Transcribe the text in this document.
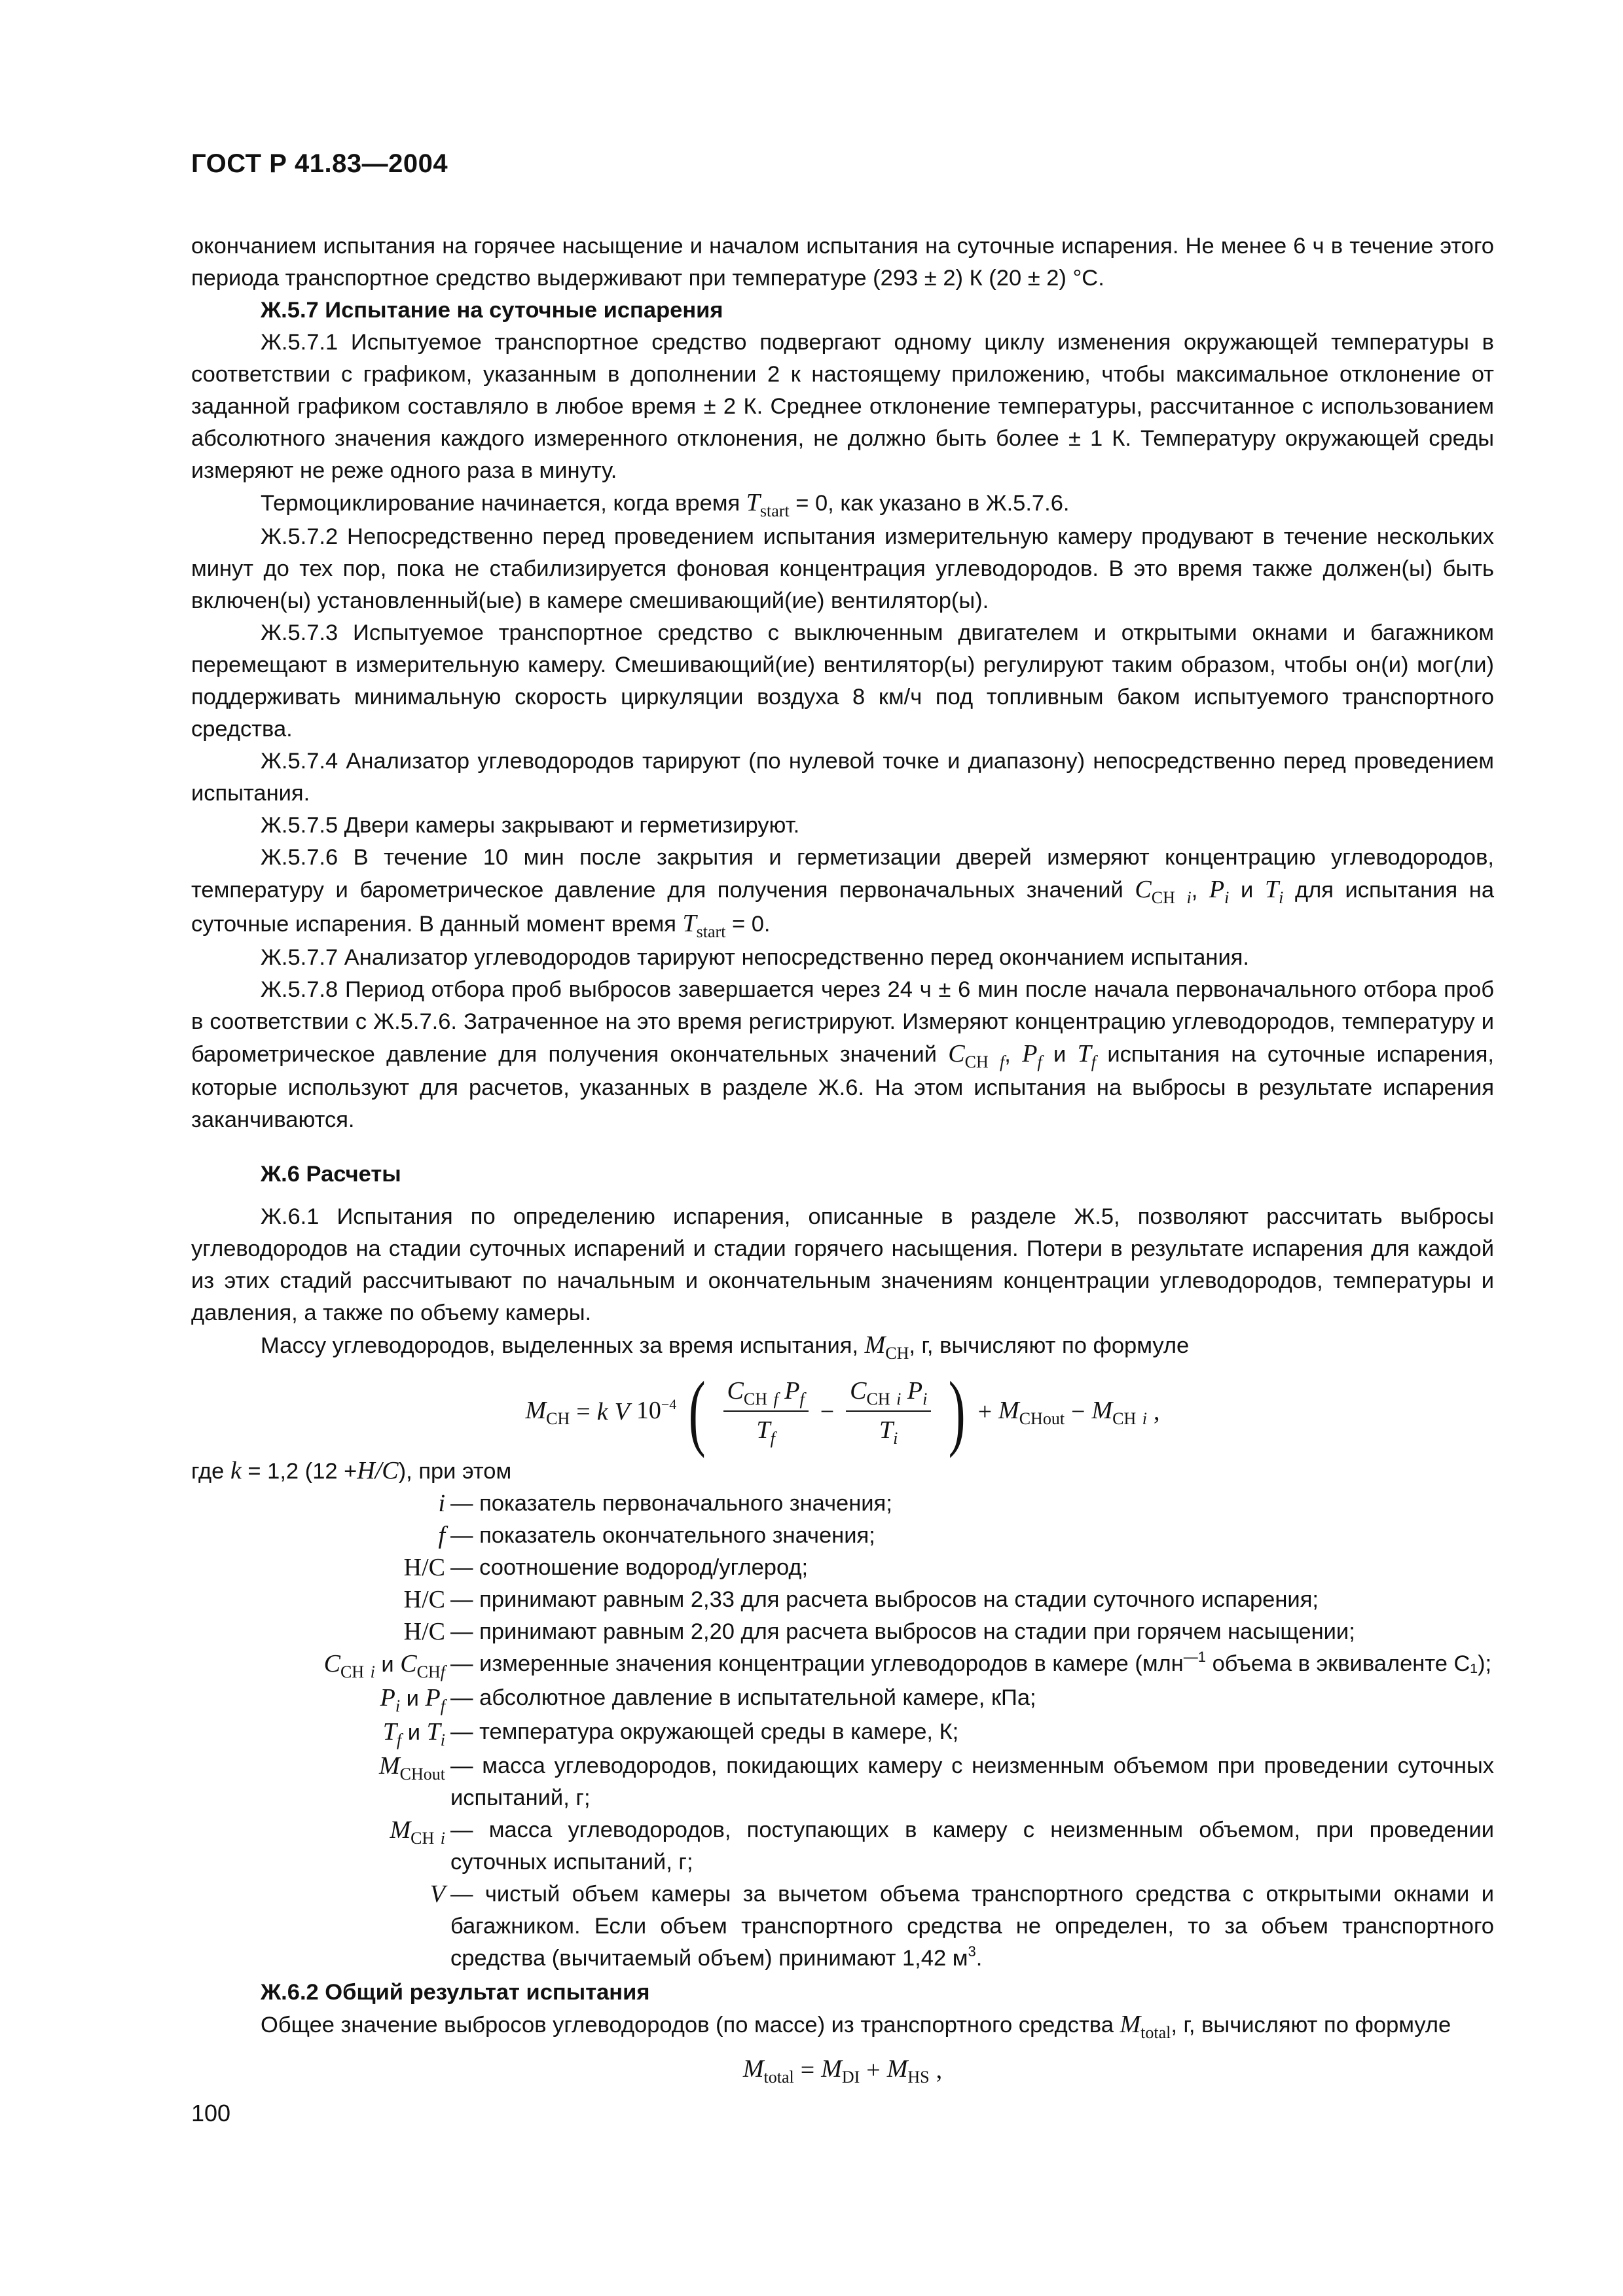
ГОСТ Р 41.83—2004

окончанием испытания на горячее насыщение и началом испытания на суточные испарения. Не менее 6 ч в течение этого периода транспортное средство выдерживают при температуре (293 ± 2) К (20 ± 2) °С.

Ж.5.7 Испытание на суточные испарения

Ж.5.7.1 Испытуемое транспортное средство подвергают одному циклу изменения окружающей температуры в соответствии с графиком, указанным в дополнении 2 к настоящему приложению, чтобы максимальное отклонение от заданной графиком составляло в любое время ± 2 К. Среднее отклонение температуры, рассчитанное с использованием абсолютного значения каждого измеренного отклонения, не должно быть более ± 1 К. Температуру окружающей среды измеряют не реже одного раза в минуту.

Термоциклирование начинается, когда время $T_{start} = 0$, как указано в Ж.5.7.6.

Ж.5.7.2 Непосредственно перед проведением испытания измерительную камеру продувают в течение нескольких минут до тех пор, пока не стабилизируется фоновая концентрация углеводородов. В это время также должен(ы) быть включен(ы) установленный(ые) в камере смешивающий(ие) вентилятор(ы).

Ж.5.7.3 Испытуемое транспортное средство с выключенным двигателем и открытыми окнами и багажником перемещают в измерительную камеру. Смешивающий(ие) вентилятор(ы) регулируют таким образом, чтобы он(и) мог(ли) поддерживать минимальную скорость циркуляции воздуха 8 км/ч под топливным баком испытуемого транспортного средства.

Ж.5.7.4 Анализатор углеводородов тарируют (по нулевой точке и диапазону) непосредственно перед проведением испытания.

Ж.5.7.5 Двери камеры закрывают и герметизируют.

Ж.5.7.6 В течение 10 мин после закрытия и герметизации дверей измеряют концентрацию углеводородов, температуру и барометрическое давление для получения первоначальных значений $C_{CH}$ $_i$, $P_i$ и $T_i$ для испытания на суточные испарения. В данный момент время $T_{start} = 0$.

Ж.5.7.7 Анализатор углеводородов тарируют непосредственно перед окончанием испытания.

Ж.5.7.8 Период отбора проб выбросов завершается через 24 ч ± 6 мин после начала первоначального отбора проб в соответствии с Ж.5.7.6. Затраченное на это время регистрируют. Измеряют концентрацию углеводородов, температуру и барометрическое давление для получения окончательных значений $C_{CH}$ $_f$, $P_f$ и $T_f$ испытания на суточные испарения, которые используют для расчетов, указанных в разделе Ж.6. На этом испытания на выбросы в результате испарения заканчиваются.

Ж.6 Расчеты

Ж.6.1 Испытания по определению испарения, описанные в разделе Ж.5, позволяют рассчитать выбросы углеводородов на стадии суточных испарений и стадии горячего насыщения. Потери в результате испарения для каждой из этих стадий рассчитывают по начальным и окончательным значениям концентрации углеводородов, температуры и давления, а также по объему камеры.

Массу углеводородов, выделенных за время испытания, $M_{CH}$, г, вычисляют по формуле

$M_{CH} = k$ V $10^{-4}$ ( $\frac{C_{CH} _f P_f}{T_f} - \frac{C_{CH} _i P_i}{T_i}$ ) + $M_{CHout} - M_{CH}$ $_i$ ,

где k = 1,2 (12 +H/C), при этом

i — показатель первоначального значения;
f — показатель окончательного значения;
H/C — соотношение водород/углерод;
H/C — принимают равным 2,33 для расчета выбросов на стадии суточного испарения;
H/C — принимают равным 2,20 для расчета выбросов на стадии при горячем насыщении;
$C_{CH}$ $_i$ и $C_{CHf}$ — измеренные значения концентрации углеводородов в камере (млн$^{—1}$ объема в эквиваленте С₁);
$P_i$ и $P_f$ — абсолютное давление в испытательной камере, кПа;
$T_f$ и $T_i$ — температура окружающей среды в камере, К;
$M_{CHout}$ — масса углеводородов, покидающих камеру с неизменным объемом при проведении суточных испытаний, г;
$M_{CH}$ $_i$ — масса углеводородов, поступающих в камеру с неизменным объемом, при проведении суточных испытаний, г;
V — чистый объем камеры за вычетом объема транспортного средства с открытыми окнами и багажником. Если объем транспортного средства не определен, то за объем транспортного средства (вычитаемый объем) принимают 1,42 $м^3$.

Ж.6.2 Общий результат испытания

Общее значение выбросов углеводородов (по массе) из транспортного средства $M_{total}$, г, вычисляют по формуле

$M_{total} = M_{DI} + M_{HS}$ ,
100
